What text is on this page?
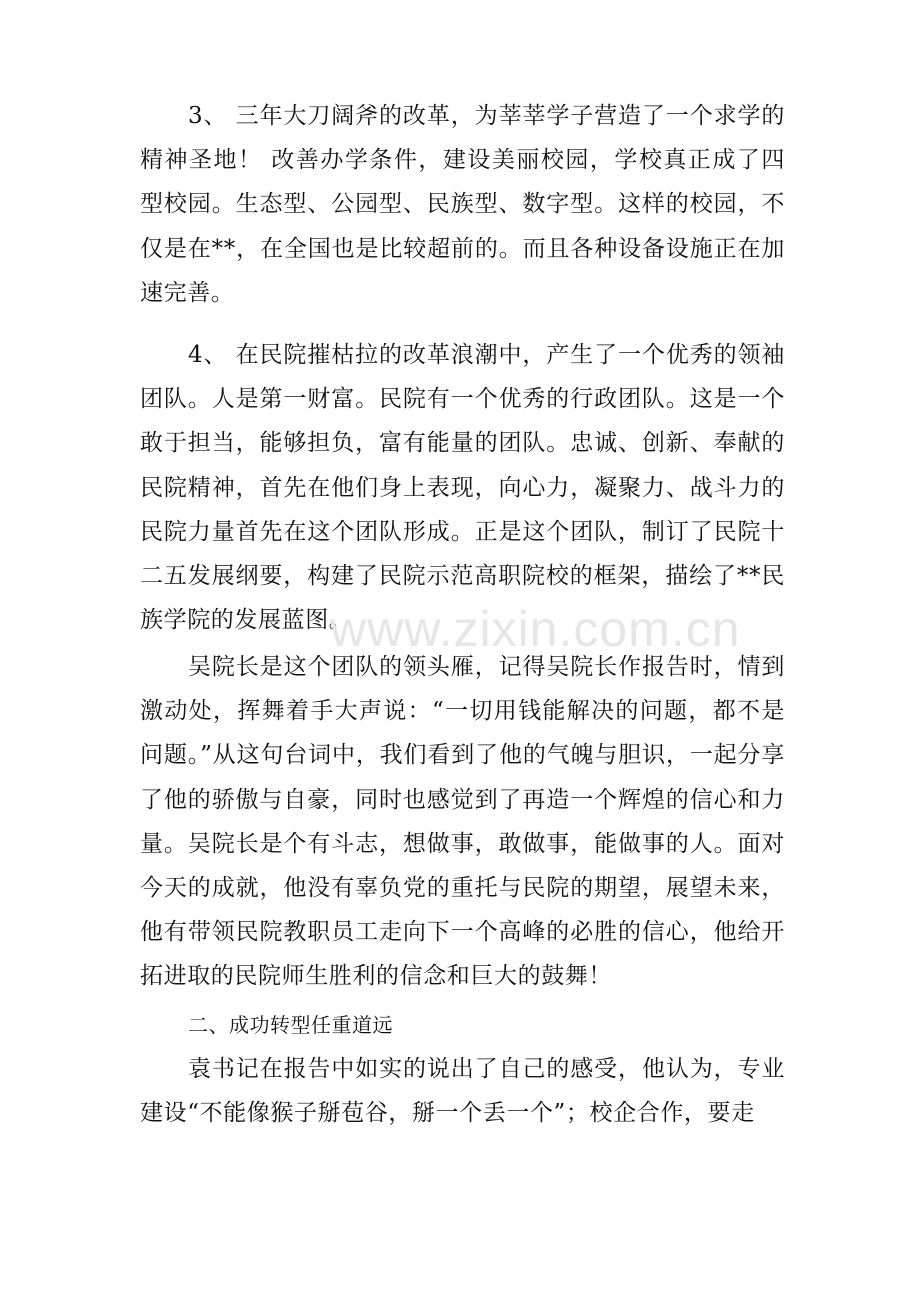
3、 三年大刀阔斧的改革，为莘莘学子营造了一个求学的精神圣地！ 改善办学条件，建设美丽校园，学校真正成了四型校园。生态型、公园型、民族型、数字型。这样的校园，不仅是在**，在全国也是比较超前的。而且各种设备设施正在加速完善。

4、 在民院摧枯拉的改革浪潮中，产生了一个优秀的领袖团队。人是第一财富。民院有一个优秀的行政团队。这是一个敢于担当，能够担负，富有能量的团队。忠诚、创新、奉献的民院精神，首先在他们身上表现，向心力，凝聚力、战斗力的民院力量首先在这个团队形成。正是这个团队，制订了民院十二五发展纲要，构建了民院示范高职院校的框架，描绘了**民族学院的发展蓝图。

吴院长是这个团队的领头雁，记得吴院长作报告时，情到激动处，挥舞着手大声说：“一切用钱能解决的问题，都不是问题。”从这句台词中，我们看到了他的气魄与胆识，一起分享了他的骄傲与自豪，同时也感觉到了再造一个辉煌的信心和力量。吴院长是个有斗志，想做事，敢做事，能做事的人。面对今天的成就，他没有辜负党的重托与民院的期望，展望未来，他有带领民院教职员工走向下一个高峰的必胜的信心，他给开拓进取的民院师生胜利的信念和巨大的鼓舞！

二、成功转型任重道远

袁书记在报告中如实的说出了自己的感受，他认为，专业建设“不能像猴子掰苞谷，掰一个丢一个”；校企合作，要走

www.zixin.com.cn
